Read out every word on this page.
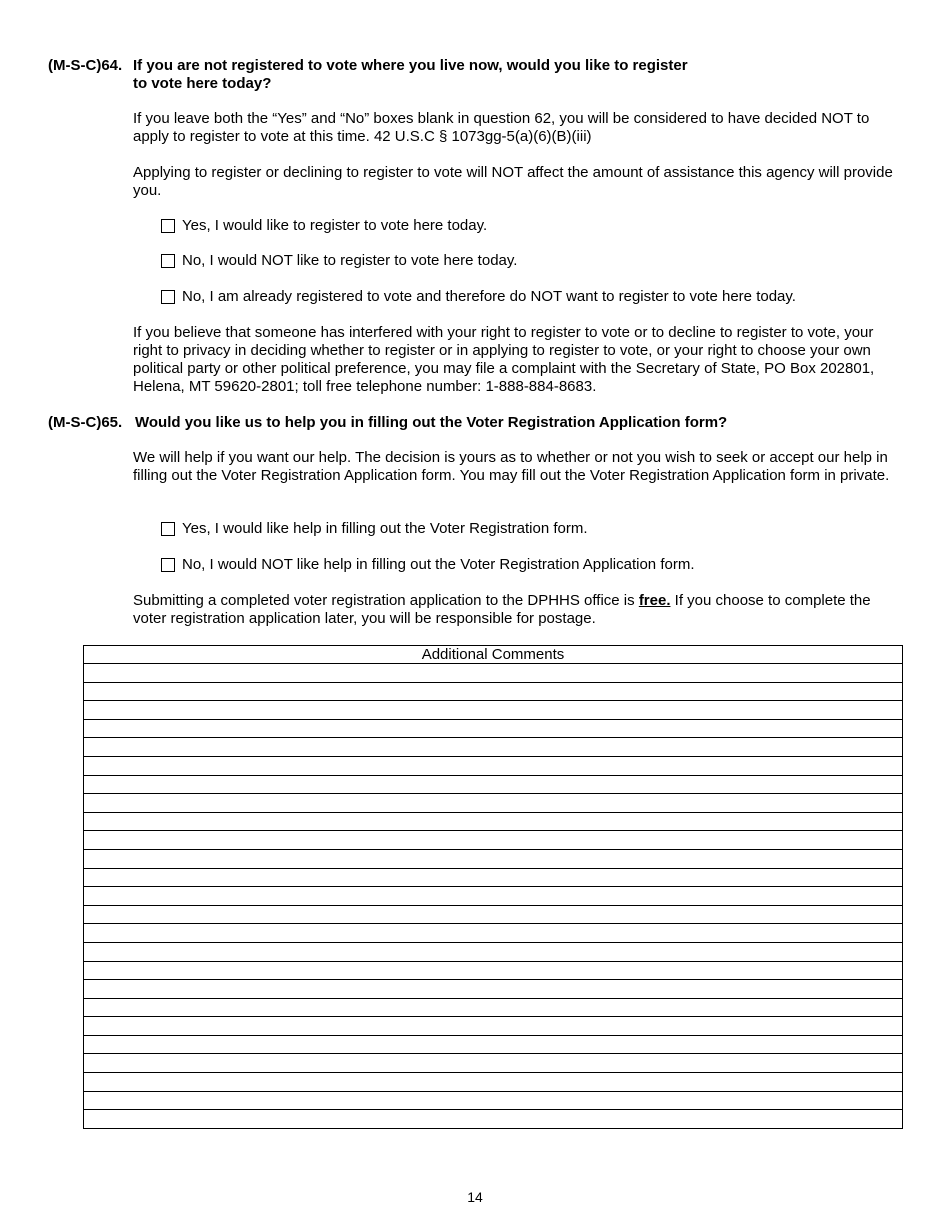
(M-S-C)64. If you are not registered to vote where you live now, would you like to register
to vote here today?
If you leave both the “Yes” and “No” boxes blank in question 62, you will be considered to have decided NOT to apply to register to vote at this time. 42 U.S.C § 1073gg-5(a)(6)(B)(iii)
Applying to register or declining to register to vote will NOT affect the amount of assistance this agency will provide you.
Yes, I would like to register to vote here today.
No, I would NOT like to register to vote here today.
No, I am already registered to vote and therefore do NOT want to register to vote here today.
If you believe that someone has interfered with your right to register to vote or to decline to register to vote, your right to privacy in deciding whether to register or in applying to register to vote, or your right to choose your own political party or other political preference, you may file a complaint with the Secretary of State, PO Box 202801, Helena, MT 59620-2801; toll free telephone number: 1-888-884-8683.
(M-S-C)65. Would you like us to help you in filling out the Voter Registration Application form?
We will help if you want our help. The decision is yours as to whether or not you wish to seek or accept our help in filling out the Voter Registration Application form. You may fill out the Voter Registration Application form in private.
Yes, I would like help in filling out the Voter Registration form.
No, I would NOT like help in filling out the Voter Registration Application form.
Submitting a completed voter registration application to the DPHHS office is free. If you choose to complete the voter registration application later, you will be responsible for postage.
Additional Comments

14
